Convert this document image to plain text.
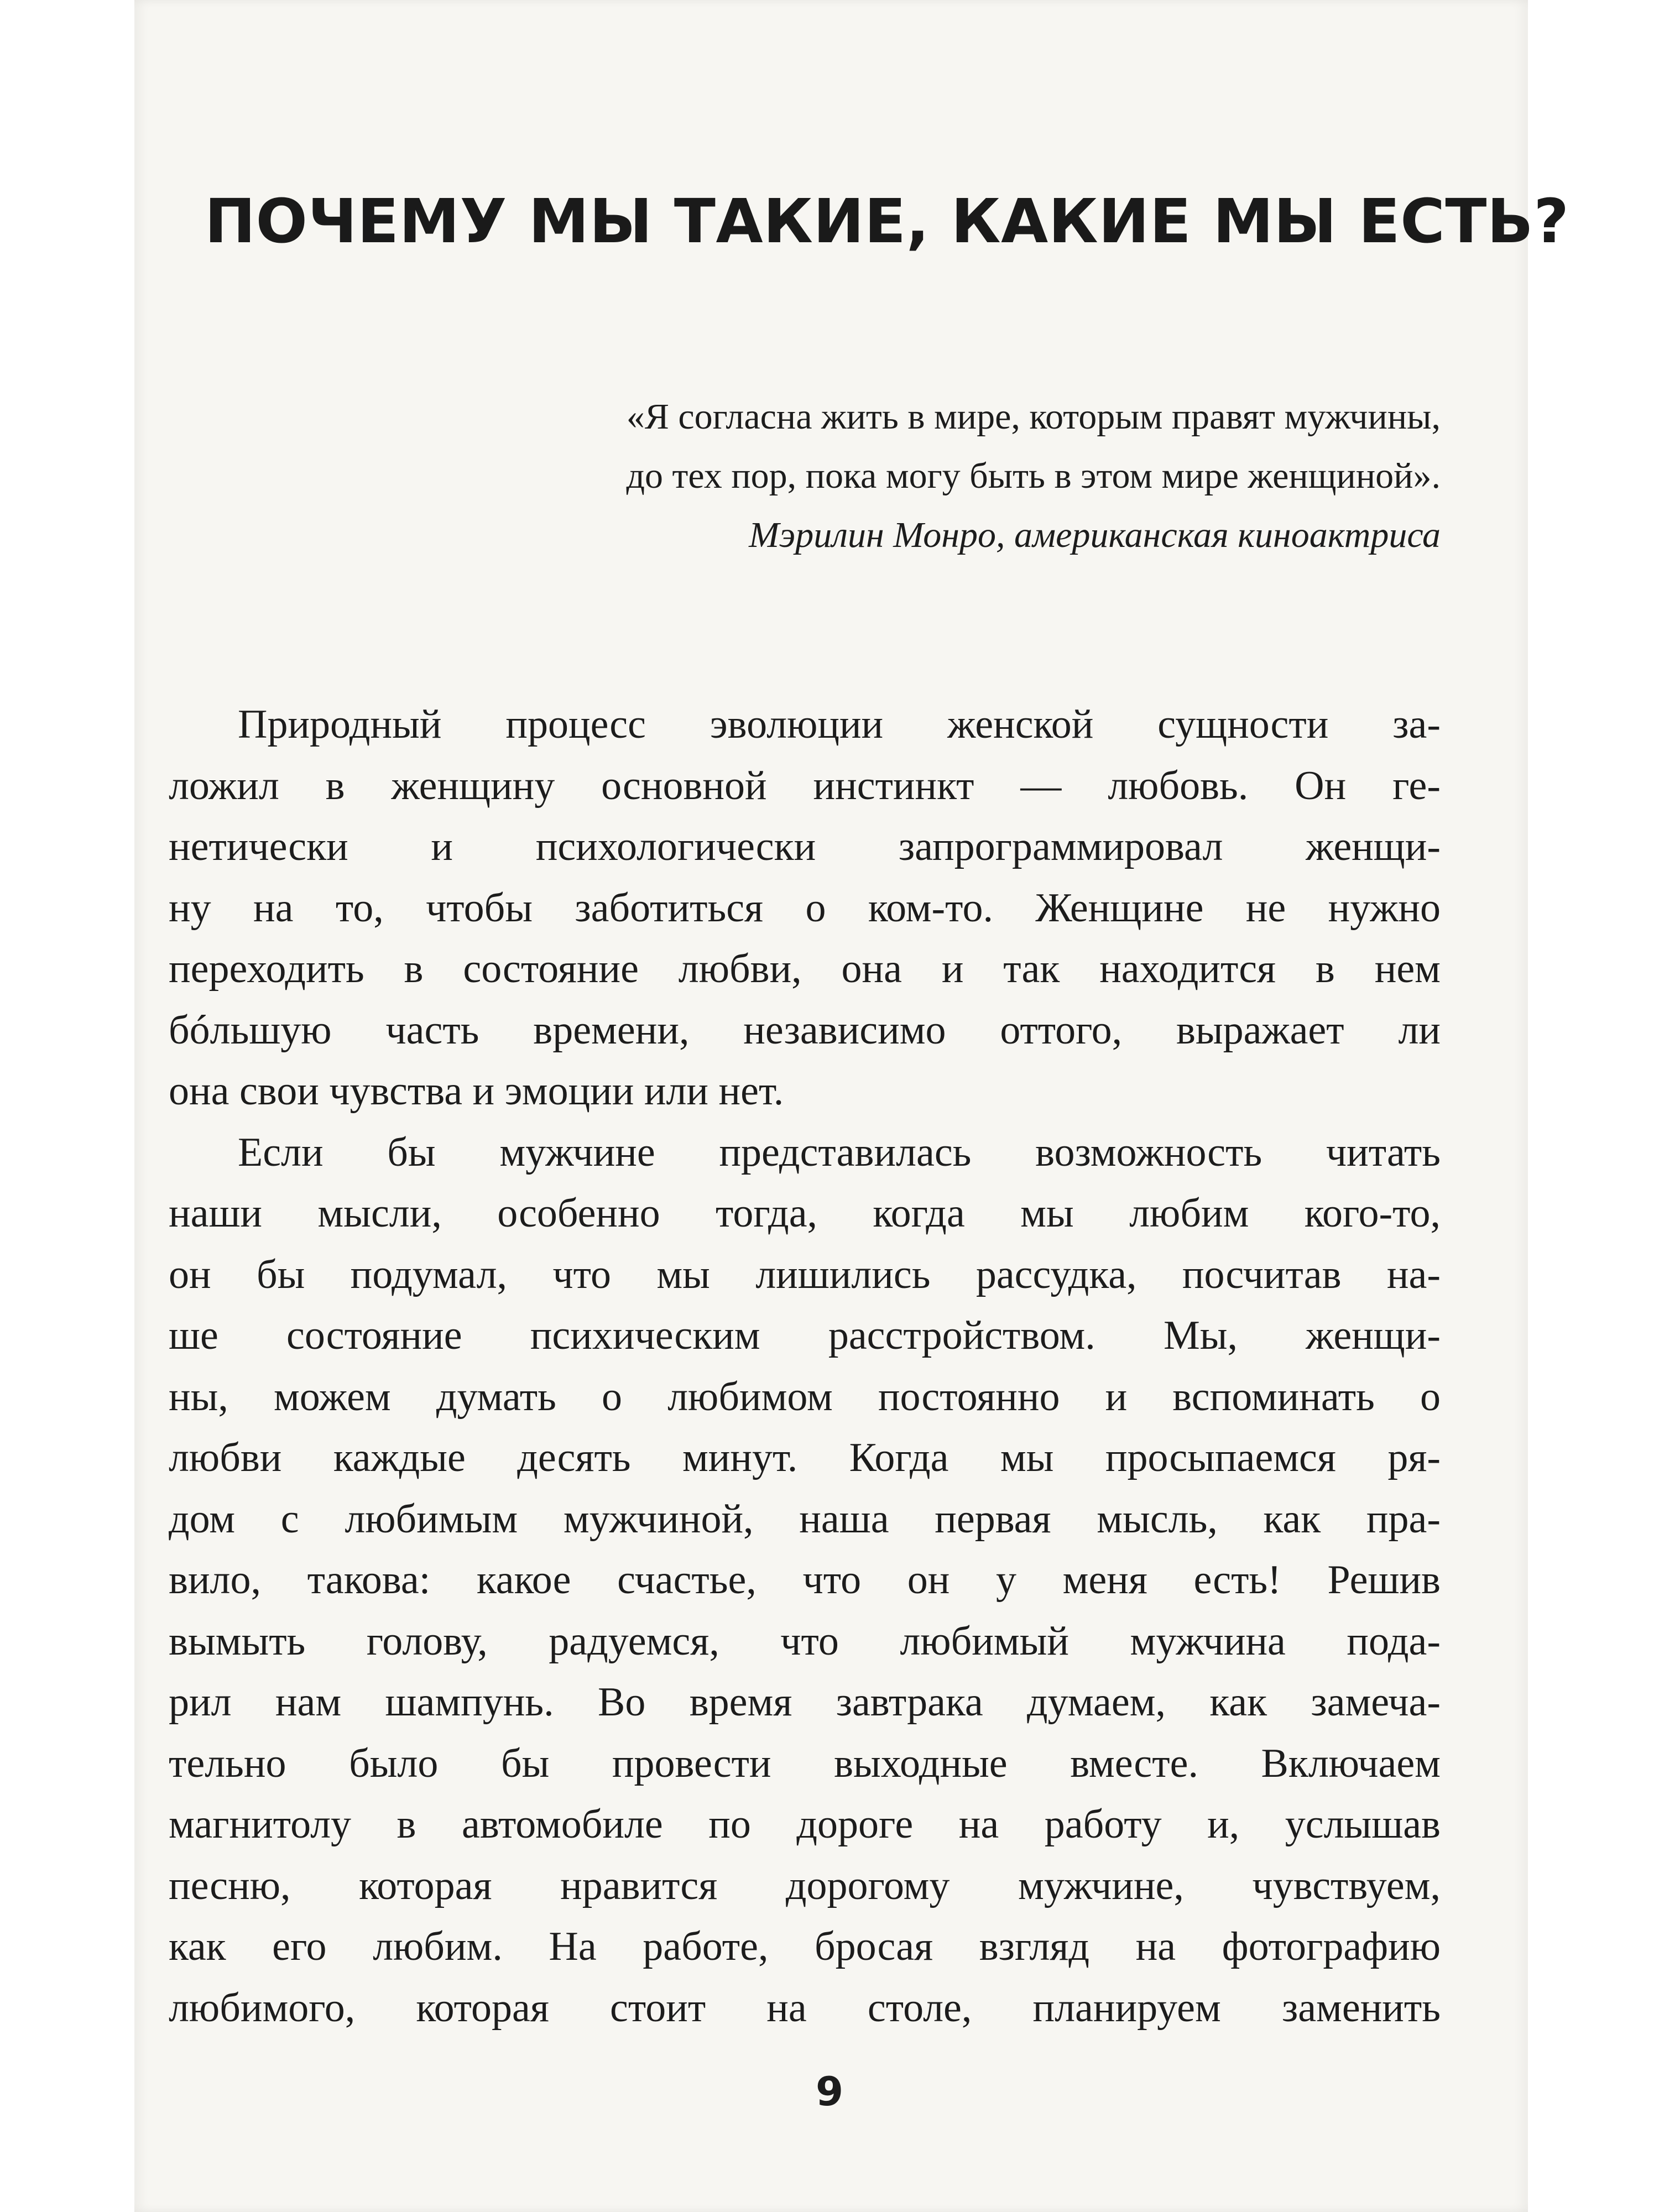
ПОЧЕМУ МЫ ТАКИЕ, КАКИЕ МЫ ЕСТЬ?
«Я согласна жить в мире, которым правят мужчины,
до тех пор, пока могу быть в этом мире женщиной».
Мэрилин Монро, американская киноактриса
Природный процесс эволюции женской сущности за-
ложил в женщину основной инстинкт — любовь. Он ге-
нетически и психологически запрограммировал женщи-
ну на то, чтобы заботиться о ком-то. Женщине не нужно
переходить в состояние любви, она и так находится в нем
бóльшую часть времени, независимо оттого, выражает ли
она свои чувства и эмоции или нет.
Если бы мужчине представилась возможность читать
наши мысли, особенно тогда, когда мы любим кого-то,
он бы подумал, что мы лишились рассудка, посчитав на-
ше состояние психическим расстройством. Мы, женщи-
ны, можем думать о любимом постоянно и вспоминать о
любви каждые десять минут. Когда мы просыпаемся ря-
дом с любимым мужчиной, наша первая мысль, как пра-
вило, такова: какое счастье, что он у меня есть! Решив
вымыть голову, радуемся, что любимый мужчина пода-
рил нам шампунь. Во время завтрака думаем, как замеча-
тельно было бы провести выходные вместе. Включаем
магнитолу в автомобиле по дороге на работу и, услышав
песню, которая нравится дорогому мужчине, чувствуем,
как его любим. На работе, бросая взгляд на фотографию
любимого, которая стоит на столе, планируем заменить
9
